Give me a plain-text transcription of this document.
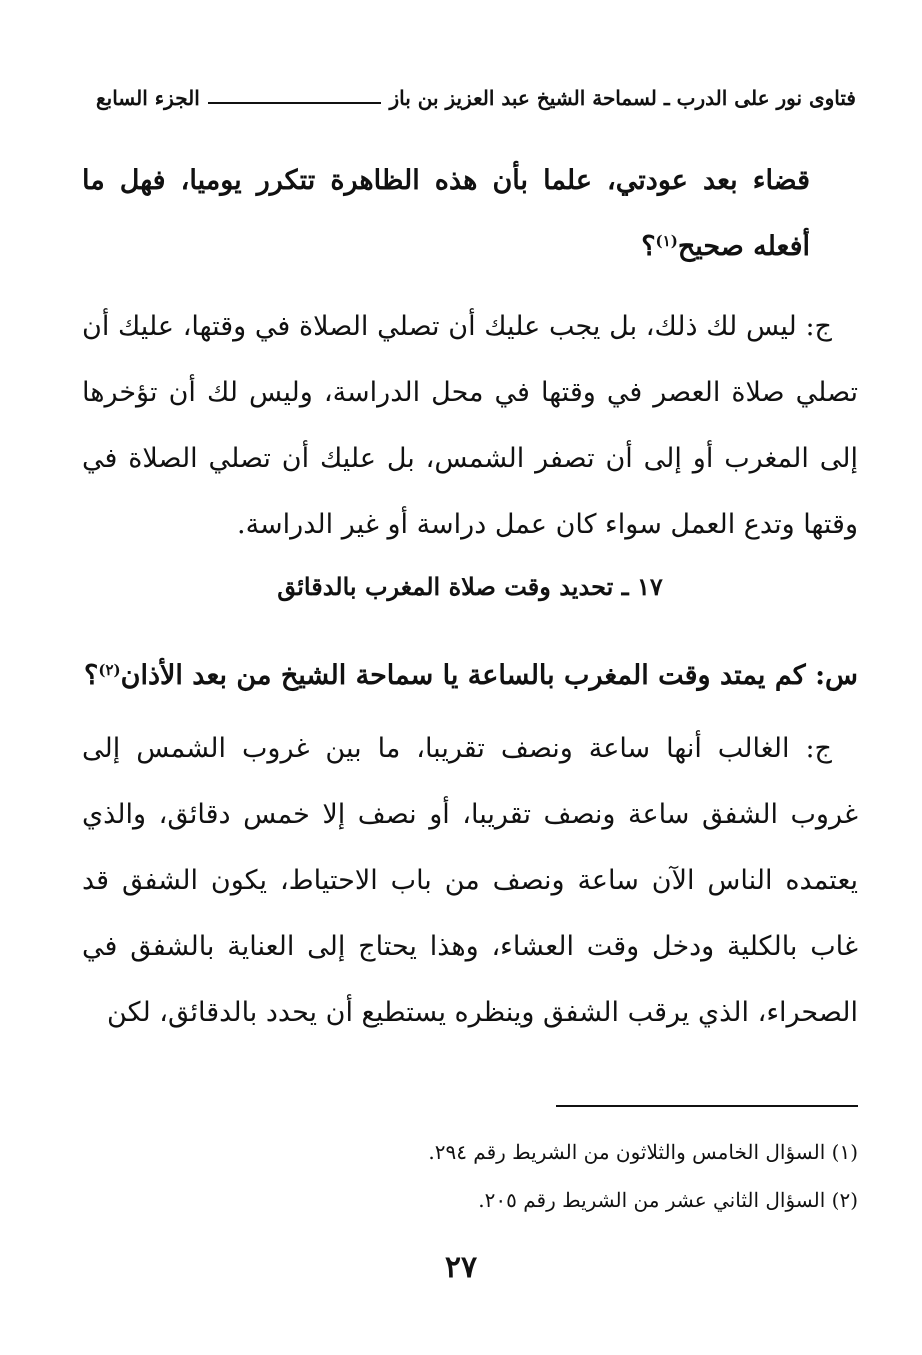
فتاوى نور على الدرب ـ لسماحة الشيخ عبد العزيز بن باز
الجزء السابع
قضاء بعد عودتي، علما بأن هذه الظاهرة تتكرر يوميا، فهل ما أفعله صحيح$^{(١)}$؟
ج: ليس لك ذلك، بل يجب عليك أن تصلي الصلاة في وقتها، عليك أن تصلي صلاة العصر في وقتها في محل الدراسة، وليس لك أن تؤخرها إلى المغرب أو إلى أن تصفر الشمس، بل عليك أن تصلي الصلاة في وقتها وتدع العمل سواء كان عمل دراسة أو غير الدراسة.
١٧ ـ تحديد وقت صلاة المغرب بالدقائق
س: كم يمتد وقت المغرب بالساعة يا سماحة الشيخ من بعد الأذان$^{(٢)}$؟
ج: الغالب أنها ساعة ونصف تقريبا، ما بين غروب الشمس إلى غروب الشفق ساعة ونصف تقريبا، أو نصف إلا خمس دقائق، والذي يعتمده الناس الآن ساعة ونصف من باب الاحتياط، يكون الشفق قد غاب بالكلية ودخل وقت العشاء، وهذا يحتاج إلى العناية بالشفق في الصحراء، الذي يرقب الشفق وينظره يستطيع أن يحدد بالدقائق، لكن
(١) السؤال الخامس والثلاثون من الشريط رقم ٢٩٤.
(٢) السؤال الثاني عشر من الشريط رقم ٢٠٥.
٢٧
